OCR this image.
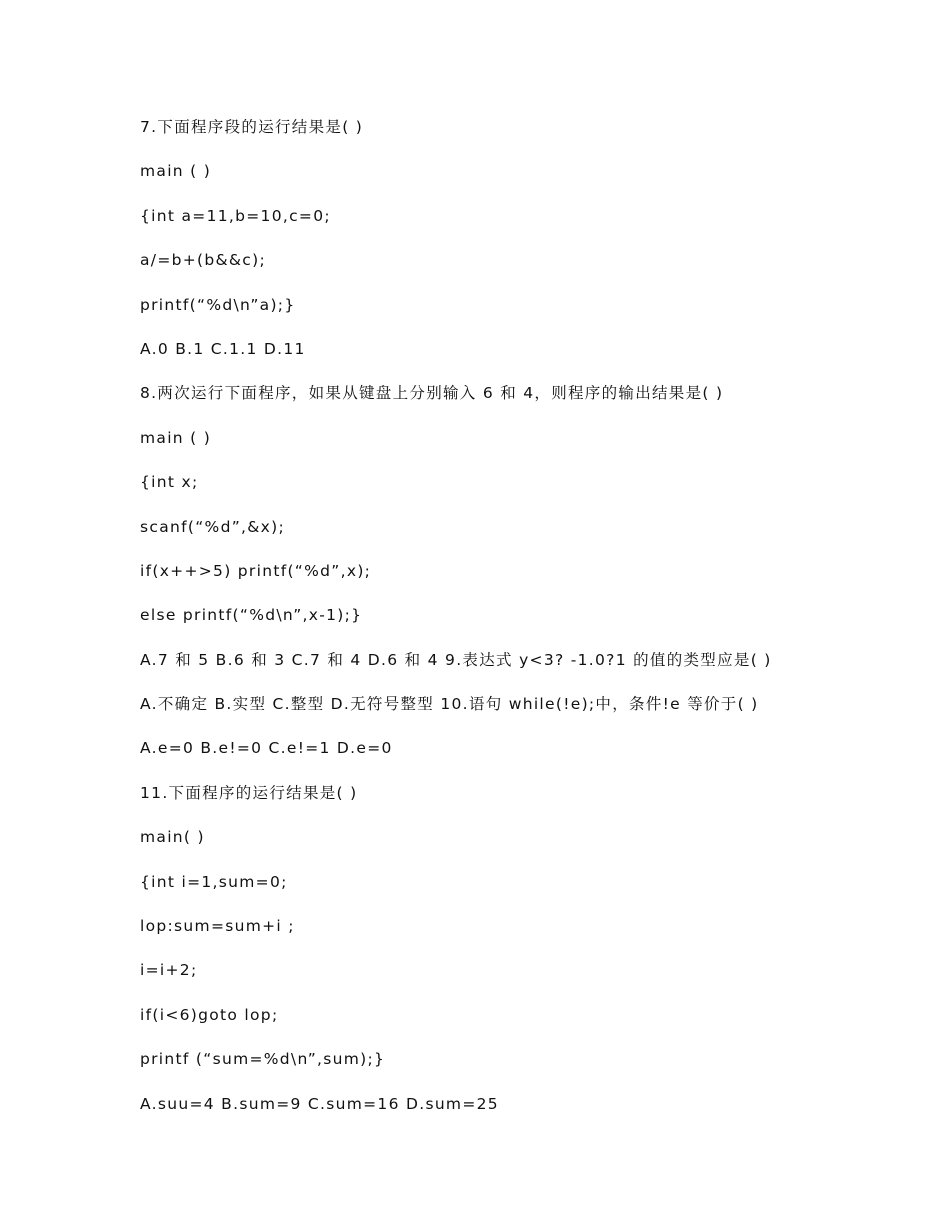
7.下面程序段的运行结果是( )
main ( )
{int a=11,b=10,c=0;
a/=b+(b&&c);
printf(“%d\n”a);}
A.0 B.1 C.1.1 D.11
8.两次运行下面程序，如果从键盘上分别输入 6 和 4，则程序的输出结果是( )
main ( )
{int x;
scanf(“%d”,&x);
if(x++>5) printf(“%d”,x);
else printf(“%d\n”,x-1);}
A.7 和 5 B.6 和 3 C.7 和 4 D.6 和 4 9.表达式 y<3? -1.0?1 的值的类型应是( )
A.不确定 B.实型 C.整型 D.无符号整型 10.语句 while(!e);中，条件!e 等价于( )
A.e=0 B.e!=0 C.e!=1 D.e=0
11.下面程序的运行结果是( )
main( )
{int i=1,sum=0;
lop:sum=sum+i ;
i=i+2;
if(i<6)goto lop;
printf (“sum=%d\n”,sum);}
A.suu=4 B.sum=9 C.sum=16 D.sum=25
